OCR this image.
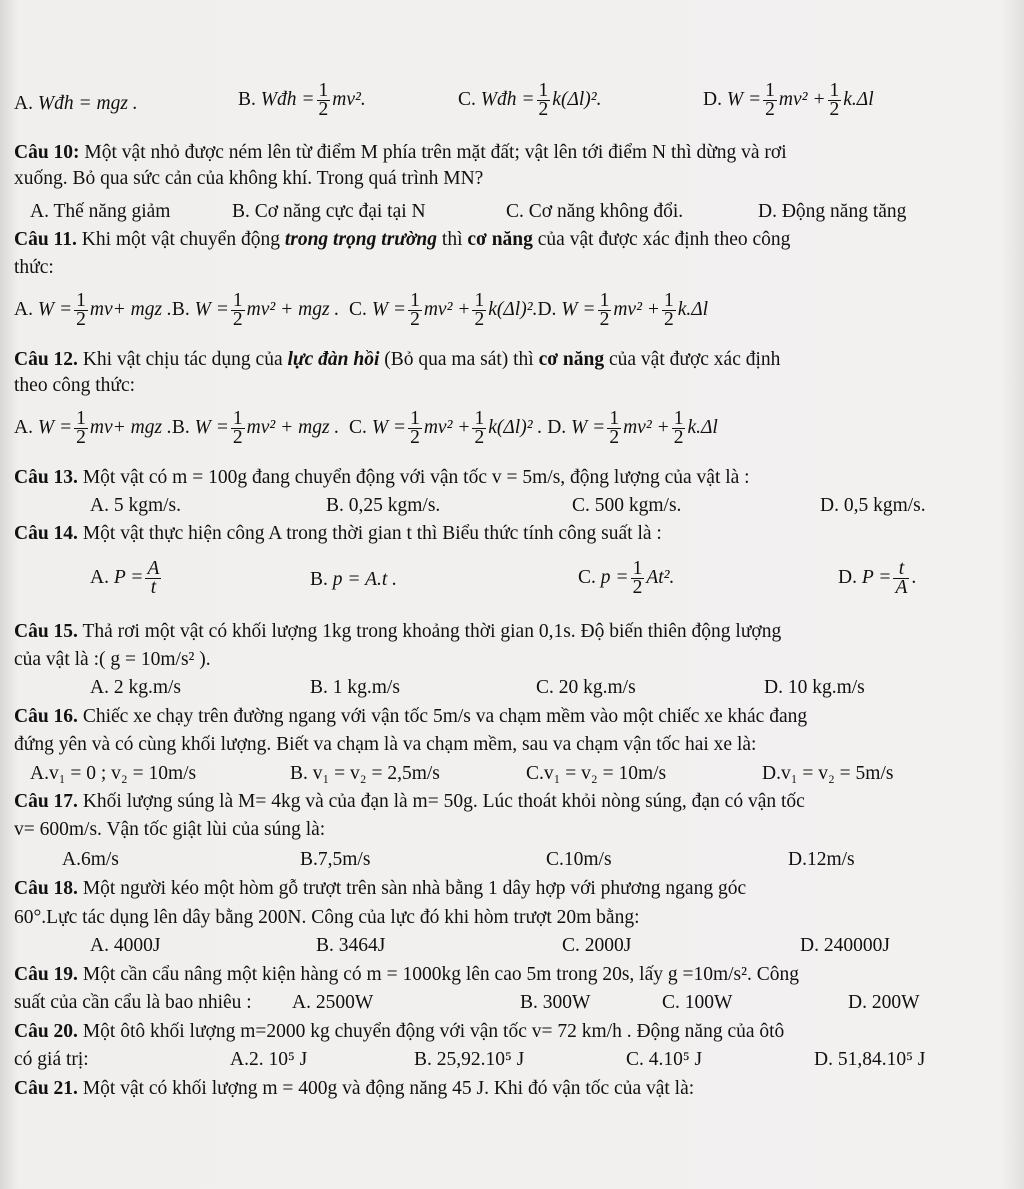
A. Wđh = mgz .	B. Wđh = $\frac{1}{2} mv^2$.	C. Wđh = $\frac{1}{2} k(\Delta l)^2$.	D. $W = \frac{1}{2} mv^2 + \frac{1}{2} k.\Delta l$
Câu 10: Một vật nhỏ được ném lên từ điểm M phía trên mặt đất; vật lên tới điểm N thì dừng và rơi
xuống. Bỏ qua sức cản của không khí. Trong quá trình MN?
A. Thế năng giảm	B. Cơ năng cực đại tại N	C. Cơ năng không đổi.	D. Động năng tăng
Câu 11. Khi một vật chuyển động trong trọng trường thì cơ năng của vật được xác định theo công
thức:
A. $W = \frac{1}{2} mv+$ mgz .B. $W = \frac{1}{2} mv^2$ + mgz . C. $W = \frac{1}{2} mv^2 + \frac{1}{2} k(\Delta l)^2.D$. $W = \frac{1}{2} mv^2 + \frac{1}{2} k.\Delta l$
Câu 12. Khi vật chịu tác dụng của lực đàn hồi (Bỏ qua ma sát) thì cơ năng của vật được xác định
theo công thức:
A. $W = \frac{1}{2} mv+$ mgz .B. $W = \frac{1}{2} mv^2$ + mgz . C. $W = \frac{1}{2} mv^2 + \frac{1}{2} k(\Delta l)^2$ . D. $W = \frac{1}{2} mv^2 + \frac{1}{2} k.\Delta l$
Câu 13. Một vật có m = 100g đang chuyển động với vận tốc v = 5m/s, động lượng của vật là :
A. 5 kgm/s.	B. 0,25 kgm/s.	C. 500 kgm/s.	D. 0,5 kgm/s.
Câu 14. Một vật thực hiện công A trong thời gian t thì Biểu thức tính công suất là :
A. $P = \frac{A}{t}$	B. p = A.t .	C. $p = \frac{1}{2} At^2$.	D. $P = \frac{t}{A}$ .
Câu 15. Thả rơi một vật có khối lượng 1kg trong khoảng thời gian 0,1s. Độ biến thiên động lượng
của vật là :( g = 10m/s² ).
A. 2 kg.m/s	B. 1 kg.m/s	C. 20 kg.m/s	D. 10 kg.m/s
Câu 16. Chiếc xe chạy trên đường ngang với vận tốc 5m/s va chạm mềm vào một chiếc xe khác đang
đứng yên và có cùng khối lượng. Biết va chạm là va chạm mềm, sau va chạm vận tốc hai xe là:
A.v₁ = 0 ; v₂ = 10m/s	B. v₁ = v₂ = 2,5m/s	C.v₁ = v₂ = 10m/s	D.v₁ = v₂ = 5m/s
Câu 17. Khối lượng súng là M= 4kg và của đạn là m= 50g. Lúc thoát khỏi nòng súng, đạn có vận tốc
v= 600m/s. Vận tốc giật lùi của súng là:
A.6m/s	B.7,5m/s	C.10m/s	D.12m/s
Câu 18. Một người kéo một hòm gỗ trượt trên sàn nhà bằng 1 dây hợp với phương ngang góc
60°.Lực tác dụng lên dây bằng 200N. Công của lực đó khi hòm trượt 20m bằng:
A. 4000J	B. 3464J	C. 2000J	D. 240000J
Câu 19. Một cần cẩu nâng một kiện hàng có m = 1000kg lên cao 5m trong 20s, lấy g =10m/s². Công
suất của cần cẩu là bao nhiêu : A. 2500W	B. 300W	C. 100W	D. 200W
Câu 20. Một ôtô khối lượng m=2000 kg chuyển động với vận tốc v= 72 km/h . Động năng của ôtô
có giá trị:	A.2. 10⁵ J	B. 25,92.10⁵ J	C. 4.10⁵ J	D. 51,84.10⁵ J
Câu 21. Một vật có khối lượng m = 400g và động năng 45 J. Khi đó vận tốc của vật là:
